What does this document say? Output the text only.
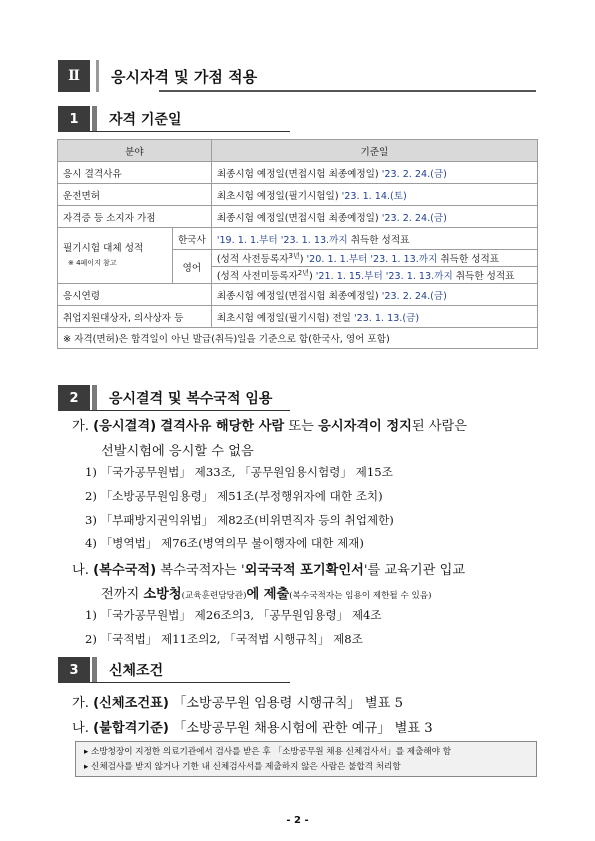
Ⅱ	응시자격 및 가점 적용
1	자격 기준일
분야		기준일
응시 결격사유		최종시험 예정일(면접시험 최종예정일) '23. 2. 24.(금)
운전면허		최초시험 예정일(필기시험일) '23. 1. 14.(토)
자격증 등 소지자 가점		최종시험 예정일(면접시험 최종예정일) '23. 2. 24.(금)

필기시험 대체 성적
※ 4페이지 참고	한국사	'19. 1. 1.부터 '23. 1. 13.까지 취득한 성적표
	영어	(성적 사전등록자$^{3년}$) '20. 1. 1.부터 '23. 1. 13.까지 취득한 성적표
		(성적 사전미등록자$^{2년}$) '21. 1. 15.부터 '23. 1. 13.까지 취득한 성적표
응시연령		최종시험 예정일(면접시험 최종예정일) '23. 2. 24.(금)
취업지원대상자, 의사상자 등		최초시험 예정일(필기시험) 전일 '23. 1. 13.(금)
※ 자격(면허)은 합격일이 아닌 발급(취득)일을 기준으로 함(한국사, 영어 포함)		
2	응시결격 및 복수국적 임용
가. (응시결격) 결격사유 해당한 사람 또는 응시자격이 정지된 사람은
선발시험에 응시할 수 없음
1) 「국가공무원법」 제33조, 「공무원임용시험령」 제15조
2) 「소방공무원임용령」 제51조(부정행위자에 대한 조치)
3) 「부패방지권익위법」 제82조(비위면직자 등의 취업제한)
4) 「병역법」 제76조(병역의무 불이행자에 대한 제재)
나. (복수국적) 복수국적자는 '외국국적 포기확인서'를 교육기관 입교
전까지 소방청(교육훈련담당관)에 제출(복수국적자는 임용이 제한될 수 있음)
1) 「국가공무원법」 제26조의3, 「공무원임용령」 제4조
2) 「국적법」 제11조의2, 「국적법 시행규칙」 제8조
3	신체조건
가. (신체조건표) 「소방공무원 임용령 시행규칙」 별표 5
나. (불합격기준) 「소방공무원 채용시험에 관한 예규」 별표 3
▸ 소방청장이 지정한 의료기관에서 검사를 받은 후 「소방공무원 채용 신체검사서」를 제출해야 함
▸ 신체검사를 받지 않거나 기한 내 신체검사서를 제출하지 않은 사람은 불합격 처리함
- 2 -
